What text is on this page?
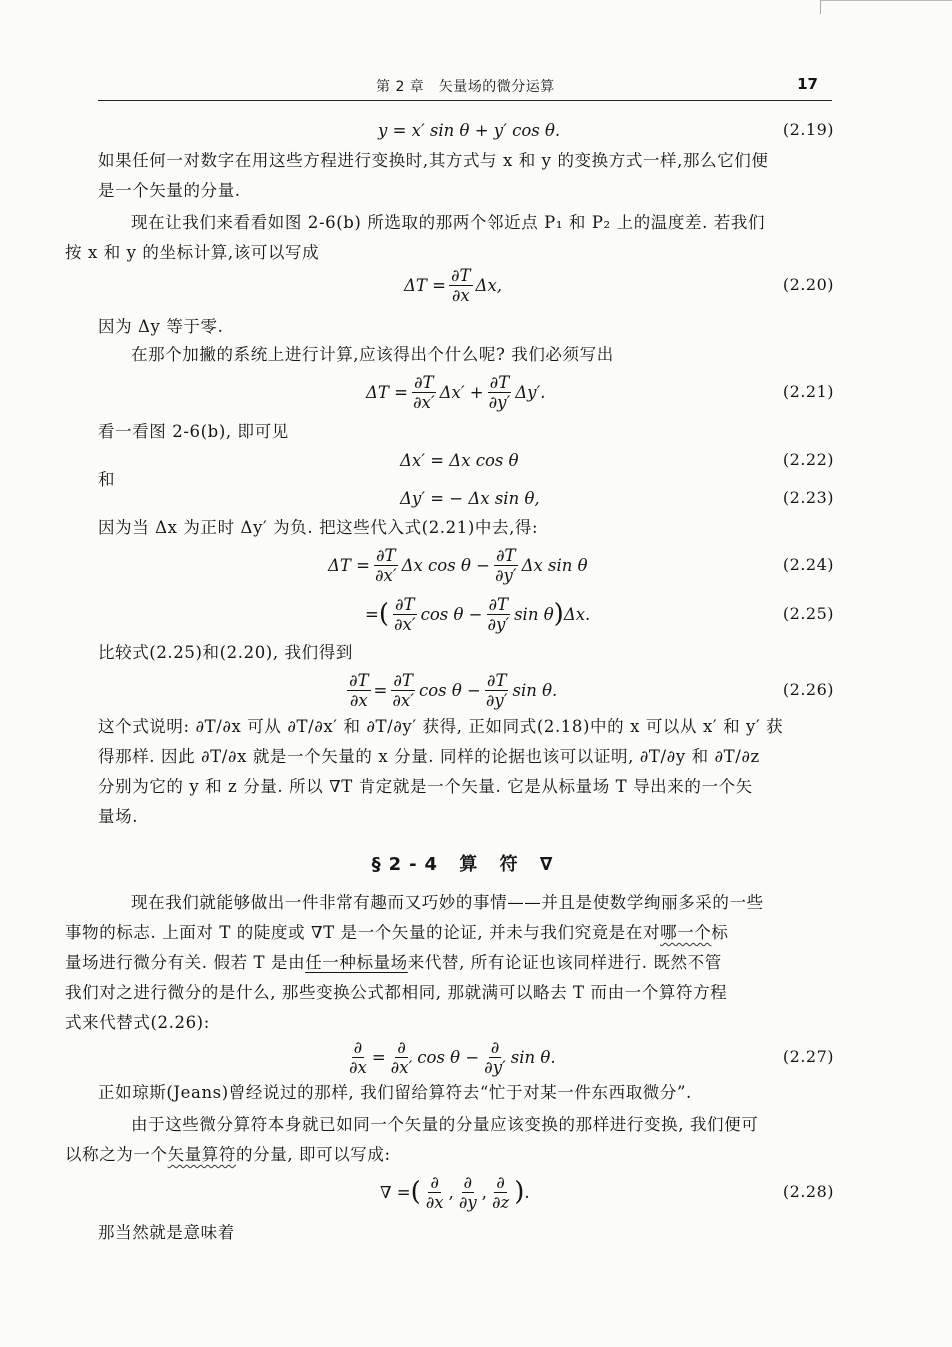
第 2 章　矢量场的微分运算	17
y = x′ sin θ + y′ cos θ.	(2.19)

如果任何一对数字在用这些方程进行变换时,其方式与 x 和 y 的变换方式一样,那么它们便
是一个矢量的分量.

现在让我们来看看如图 2-6(b) 所选取的那两个邻近点 P₁ 和 P₂ 上的温度差. 若我们
按 x 和 y 的坐标计算,该可以写成

$\Delta T = \frac{\partial T}{\partial x} \Delta x$,	(2.20)

因为 Δy 等于零.

在那个加撇的系统上进行计算,应该得出个什么呢? 我们必须写出

$\Delta T = \frac{\partial T}{\partial x'} \Delta x' + \frac{\partial T}{\partial y'} \Delta y'$.	(2.21)

看一看图 2-6(b), 即可见

Δx′ = Δx cos θ	(2.22)

和

Δy′ = − Δx sin θ,	(2.23)

因为当 Δx 为正时 Δy′ 为负. 把这些代入式(2.21)中去,得:

$\Delta T = \frac{\partial T}{\partial x'}$ Δx $\cos \theta - \frac{\partial T}{\partial y'}$ Δx sin θ	(2.24)
= ( $\frac{\partial T}{\partial x'}$ $\cos \theta - \frac{\partial T}{\partial y'}$ sin θ ) Δx.	(2.25)

比较式(2.25)和(2.20), 我们得到

$\frac{\partial T}{\partial x} = \frac{\partial T}{\partial x'}$ $\cos \theta - \frac{\partial T}{\partial y'}$ sin θ.	(2.26)

这个式说明: ∂T/∂x 可从 ∂T/∂x′ 和 ∂T/∂y′ 获得, 正如同式(2.18)中的 x 可以从 x′ 和 y′ 获
得那样. 因此 ∂T/∂x 就是一个矢量的 x 分量. 同样的论据也该可以证明, ∂T/∂y 和 ∂T/∂z
分别为它的 y 和 z 分量. 所以 ∇T 肯定就是一个矢量. 它是从标量场 T 导出来的一个矢
量场.

§2-4 算 符 ∇

现在我们就能够做出一件非常有趣而又巧妙的事情——并且是使数学绚丽多采的一些
事物的标志. 上面对 T 的陡度或 ∇T 是一个矢量的论证, 并未与我们究竟是在对哪一个标
量场进行微分有关. 假若 T 是由任一种标量场来代替, 所有论证也该同样进行. 既然不管
我们对之进行微分的是什么, 那些变换公式都相同, 那就满可以略去 T 而由一个算符方程
式来代替式(2.26):

$\frac{\partial}{\partial x} = \frac{\partial}{\partial x'}$ $\cos \theta - \frac{\partial}{\partial y'}$ sin θ.	(2.27)

正如琼斯(Jeans)曾经说过的那样, 我们留给算符去“忙于对某一件东西取微分”.

由于这些微分算符本身就已如同一个矢量的分量应该变换的那样进行变换, 我们便可
以称之为一个矢量算符的分量, 即可以写成:

∇ = ( $\frac{\partial}{\partial x}$ , $\frac{\partial}{\partial y}$ , $\frac{\partial}{\partial z}$ ) .	(2.28)

那当然就是意味着
